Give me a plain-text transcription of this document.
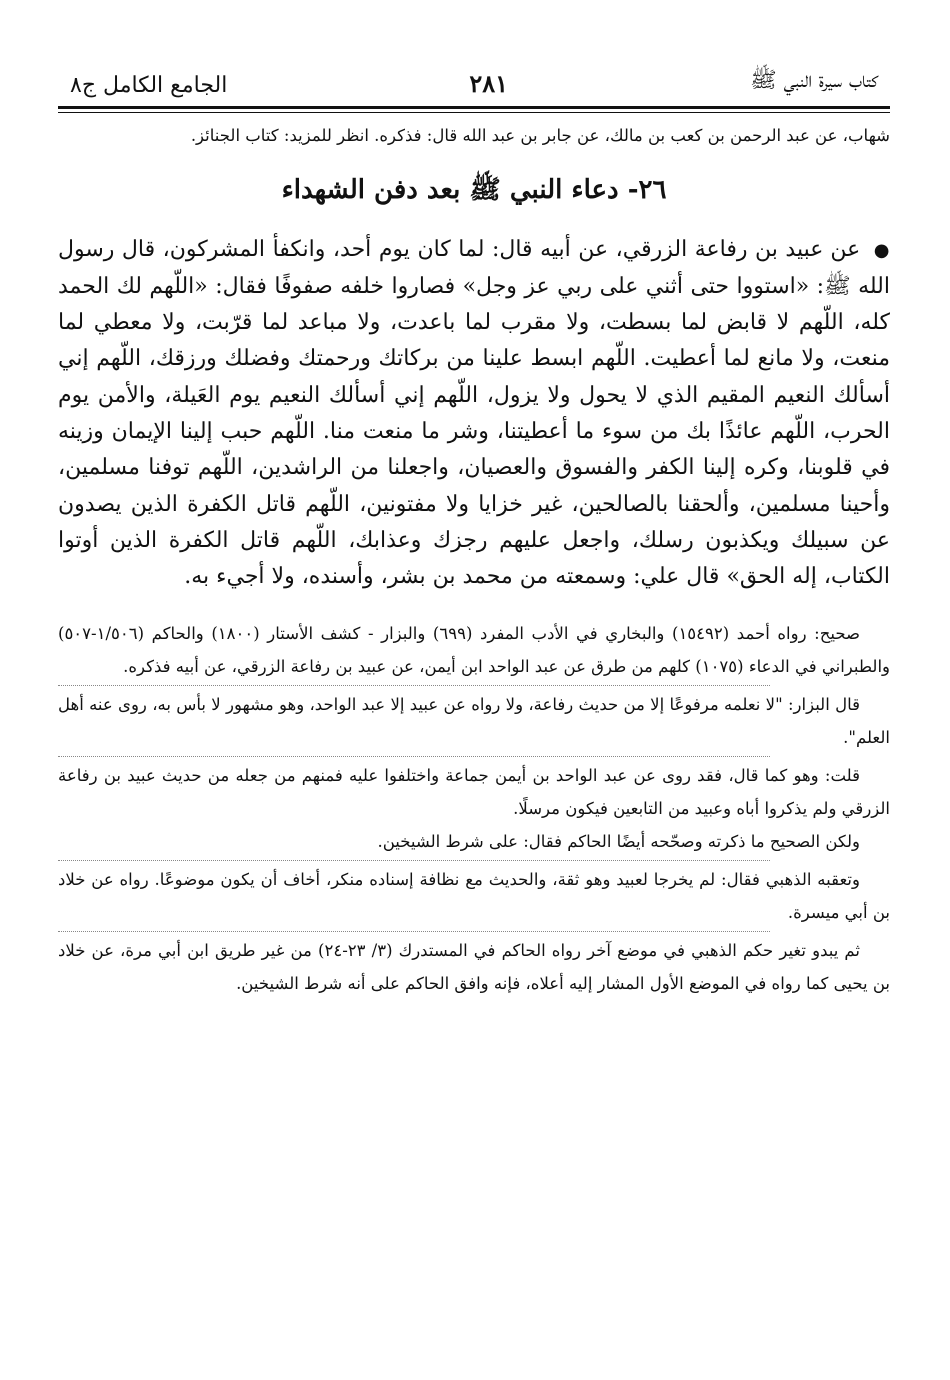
كتاب سيرة النبي ﷺ
٢٨١
الجامع الكامل ج٨

شهاب، عن عبد الرحمن بن كعب بن مالك، عن جابر بن عبد الله قال: فذكره. انظر للمزيد: كتاب الجنائز.

٢٦- دعاء النبي ﷺ بعد دفن الشهداء

● عن عبيد بن رفاعة الزرقي، عن أبيه قال: لما كان يوم أحد، وانكفأ المشركون، قال رسول الله ﷺ: «استووا حتى أثني على ربي عز وجل» فصاروا خلفه صفوفًا فقال: «اللّهم لك الحمد كله، اللّهم لا قابض لما بسطت، ولا مقرب لما باعدت، ولا مباعد لما قرّبت، ولا معطي لما منعت، ولا مانع لما أعطيت. اللّهم ابسط علينا من بركاتك ورحمتك وفضلك ورزقك، اللّهم إني أسألك النعيم المقيم الذي لا يحول ولا يزول، اللّهم إني أسألك النعيم يوم العَيلة، والأمن يوم الحرب، اللّهم عائذًا بك من سوء ما أعطيتنا، وشر ما منعت منا. اللّهم حبب إلينا الإيمان وزينه في قلوبنا، وكره إلينا الكفر والفسوق والعصيان، واجعلنا من الراشدين، اللّهم توفنا مسلمين، وأحينا مسلمين، وألحقنا بالصالحين، غير خزايا ولا مفتونين، اللّهم قاتل الكفرة الذين يصدون عن سبيلك ويكذبون رسلك، واجعل عليهم رجزك وعذابك، اللّهم قاتل الكفرة الذين أوتوا الكتاب، إله الحق» قال علي: وسمعته من محمد بن بشر، وأسنده، ولا أجيء به.

صحيح: رواه أحمد (١٥٤٩٢) والبخاري في الأدب المفرد (٦٩٩) والبزار - كشف الأستار (١٨٠٠) والحاكم (١/٥٠٦-٥٠٧) والطبراني في الدعاء (١٠٧٥) كلهم من طرق عن عبد الواحد ابن أيمن، عن عبيد بن رفاعة الزرقي، عن أبيه فذكره.

قال البزار: "لا نعلمه مرفوعًا إلا من حديث رفاعة، ولا رواه عن عبيد إلا عبد الواحد، وهو مشهور لا بأس به، روى عنه أهل العلم".

قلت: وهو كما قال، فقد روى عن عبد الواحد بن أيمن جماعة واختلفوا عليه فمنهم من جعله من حديث عبيد بن رفاعة الزرقي ولم يذكروا أباه وعبيد من التابعين فيكون مرسلًا.

ولكن الصحيح ما ذكرته وصحّحه أيضًا الحاكم فقال: على شرط الشيخين.

وتعقبه الذهبي فقال: لم يخرجا لعبيد وهو ثقة، والحديث مع نظافة إسناده منكر، أخاف أن يكون موضوعًا. رواه عن خلاد بن أبي ميسرة.

ثم يبدو تغير حكم الذهبي في موضع آخر رواه الحاكم في المستدرك (٣/ ٢٣-٢٤) من غير طريق ابن أبي مرة، عن خلاد بن يحيى كما رواه في الموضع الأول المشار إليه أعلاه، فإنه وافق الحاكم على أنه شرط الشيخين.
